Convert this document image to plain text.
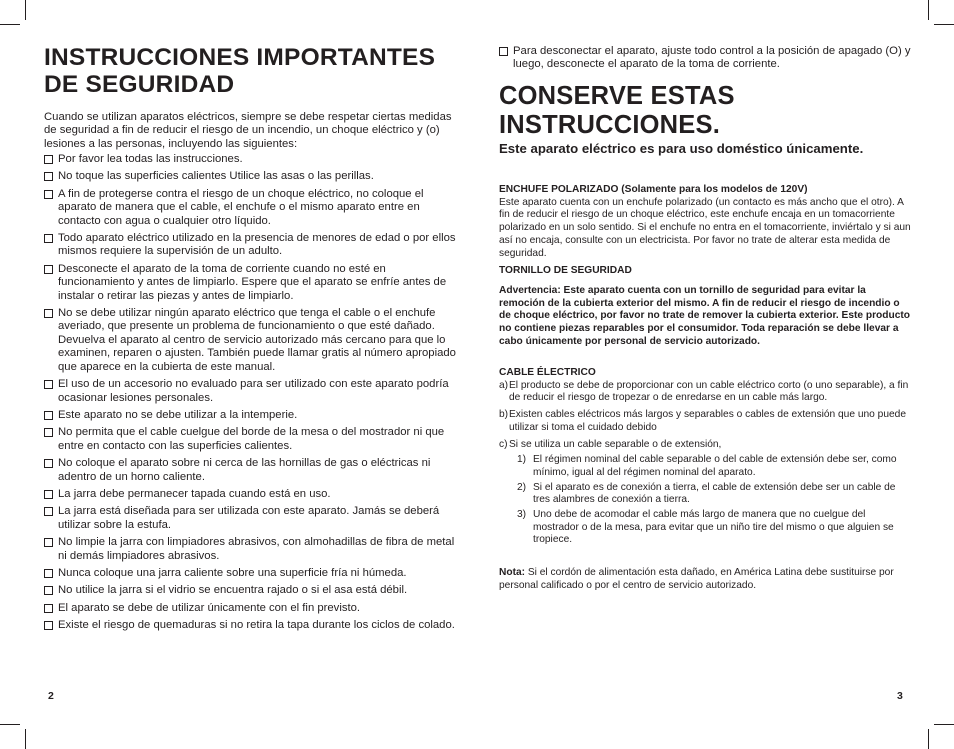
INSTRUCCIONES IMPORTANTES
DE SEGURIDAD
Cuando se utilizan aparatos eléctricos, siempre se debe respetar ciertas medidas de seguridad a fin de reducir el riesgo de un incendio, un choque eléctrico y (o) lesiones a las personas, incluyendo las siguientes:
Por favor lea todas las instrucciones.
No toque las superficies calientes Utilice las asas o las perillas.
A fin de protegerse contra el riesgo de un choque eléctrico, no coloque el aparato de manera que el cable, el enchufe o el mismo aparato entre en contacto con agua o cualquier otro líquido.
Todo aparato eléctrico utilizado en la presencia de menores de edad o por ellos mismos requiere la supervisión de un adulto.
Desconecte el aparato de la toma de corriente cuando no esté en funcionamiento y antes de limpiarlo. Espere que el aparato se enfríe antes de instalar o retirar las piezas y antes de limpiarlo.
No se debe utilizar ningún aparato eléctrico que tenga el cable o el enchufe averiado, que presente un problema de funcionamiento o que esté dañado. Devuelva el aparato al centro de servicio autorizado más cercano para que lo examinen, reparen o ajusten. También puede llamar gratis al número apropiado que aparece en la cubierta de este manual.
El uso de un accesorio no evaluado para ser utilizado con este aparato podría ocasionar lesiones personales.
Este aparato no se debe utilizar a la intemperie.
No permita que el cable cuelgue del borde de la mesa o del mostrador ni que entre en contacto con las superficies calientes.
No coloque el aparato sobre ni cerca de las hornillas de gas o eléctricas ni adentro de un horno caliente.
La jarra debe permanecer tapada cuando está en uso.
La jarra está diseñada para ser utilizada con este aparato. Jamás se deberá utilizar sobre la estufa.
No limpie la jarra con limpiadores abrasivos, con almohadillas de fibra de metal ni demás limpiadores abrasivos.
Nunca coloque una jarra caliente sobre una superficie fría ni húmeda.
No utilice la jarra si el vidrio se encuentra rajado o si el asa está débil.
El aparato se debe de utilizar únicamente con el fin previsto.
Existe el riesgo de quemaduras si no retira la tapa durante los ciclos de colado.
2
Para desconectar el aparato, ajuste todo control a la posición de apagado (O) y luego, desconecte el aparato de la toma de corriente.
CONSERVE ESTAS
INSTRUCCIONES.
Este aparato eléctrico es para uso doméstico únicamente.
ENCHUFE POLARIZADO (Solamente para los modelos de 120V)
Este aparato cuenta con un enchufe polarizado (un contacto es más ancho que el otro). A fin de reducir el riesgo de un choque eléctrico, este enchufe encaja en un tomacorriente polarizado en un solo sentido. Si el enchufe no entra en el tomacorriente, inviértalo y si aun así no encaja, consulte con un electricista. Por favor no trate de alterar esta medida de seguridad.
TORNILLO DE SEGURIDAD
Advertencia: Este aparato cuenta con un tornillo de seguridad para evitar la remoción de la cubierta exterior del mismo. A fin de reducir el riesgo de incendio o de choque eléctrico, por favor no trate de remover la cubierta exterior. Este producto no contiene piezas reparables por el consumidor. Toda reparación se debe llevar a cabo únicamente por personal de servicio autorizado.
CABLE ÉLECTRICO
a) El producto se debe de proporcionar con un cable eléctrico corto (o uno separable), a fin de reducir el riesgo de tropezar o de enredarse en un cable más largo.
b) Existen cables eléctricos más largos y separables o cables de extensión que uno puede utilizar si toma el cuidado debido
c) Si se utiliza un cable separable o de extensión,
1) El régimen nominal del cable separable o del cable de extensión debe ser, como mínimo, igual al del régimen nominal del aparato.
2) Si el aparato es de conexión a tierra, el cable de extensión debe ser un cable de tres alambres de conexión a tierra.
3) Uno debe de acomodar el cable más largo de manera que no cuelgue del mostrador o de la mesa, para evitar que un niño tire del mismo o que alguien se tropiece.
Nota: Si el cordón de alimentación esta dañado, en América Latina debe sustituirse por personal calificado o por el centro de servicio autorizado.
3
